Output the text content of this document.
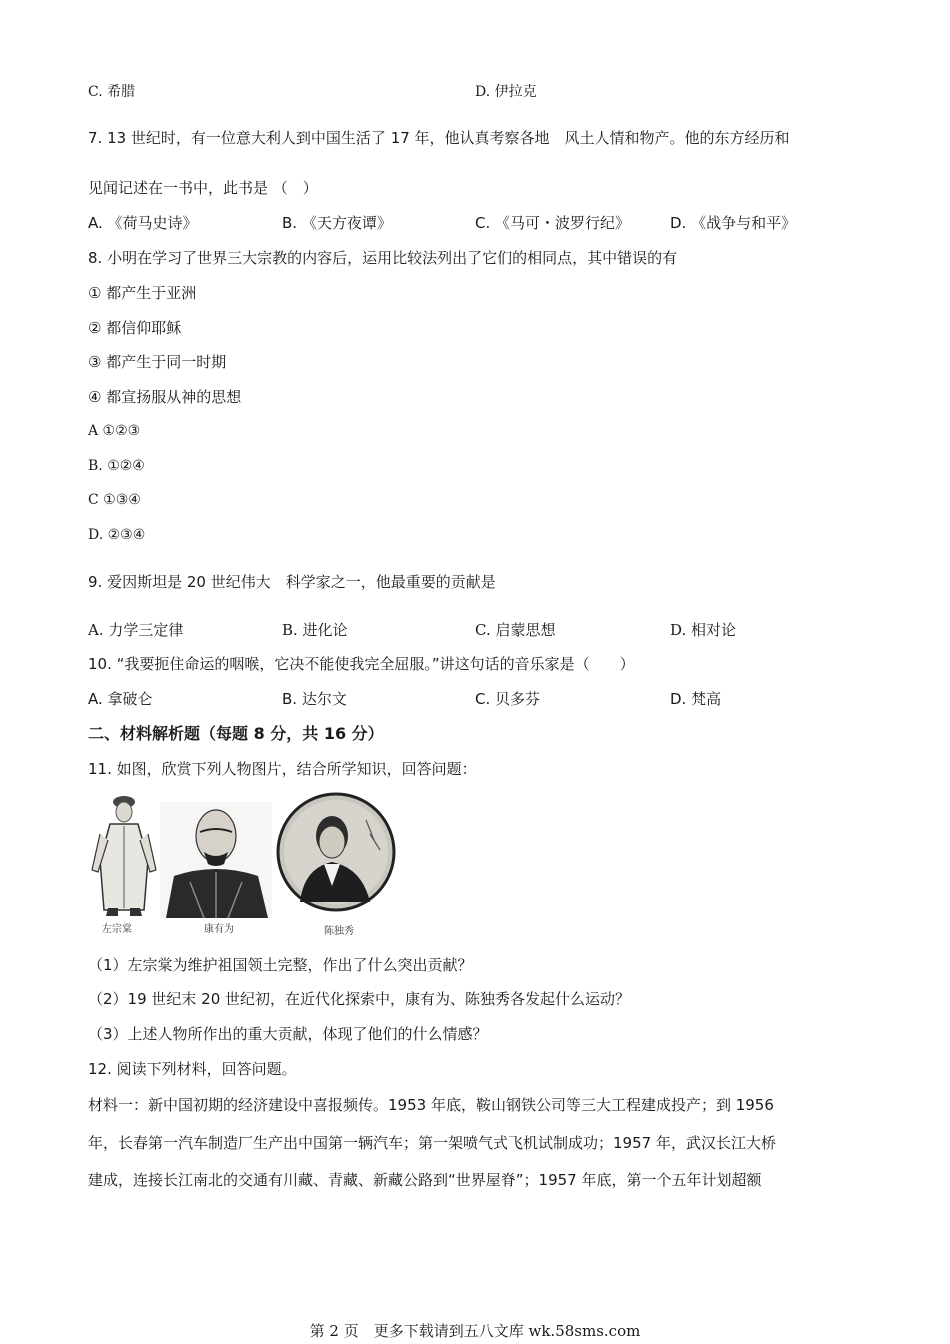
C. 希腊	D. 伊拉克
7. 13 世纪时，有一位意大利人到中国生活了 17 年，他认真考察各地　风土人情和物产。他的东方经历和
见闻记述在一书中，此书是 （　）
A. 《荷马史诗》	B. 《天方夜谭》	C. 《马可・波罗行纪》	D. 《战争与和平》
8. 小明在学习了世界三大宗教的内容后，运用比较法列出了它们的相同点，其中错误的有
① 都产生于亚洲
② 都信仰耶稣
③ 都产生于同一时期
④ 都宣扬服从神的思想
A ①②③
B. ①②④
C ①③④
D. ②③④
9. 爱因斯坦是 20 世纪伟大　科学家之一，他最重要的贡献是
A. 力学三定律	B. 进化论	C. 启蒙思想	D. 相对论
10. “我要扼住命运的咽喉，它决不能使我完全屈服。”讲这句话的音乐家是（　　）
A. 拿破仑	B. 达尔文	C. 贝多芬	D. 梵高
二、材料解析题（每题 8 分，共 16 分）
11. 如图，欣赏下列人物图片，结合所学知识，回答问题：
左宗棠	康有为	陈独秀
（1）左宗棠为维护祖国领土完整，作出了什么突出贡献？
（2）19 世纪末 20 世纪初，在近代化探索中，康有为、陈独秀各发起什么运动？
（3）上述人物所作出的重大贡献，体现了他们的什么情感？
12. 阅读下列材料，回答问题。
材料一：新中国初期的经济建设中喜报频传。1953 年底，鞍山钢铁公司等三大工程建成投产；到 1956
年，长春第一汽车制造厂生产出中国第一辆汽车；第一架喷气式飞机试制成功；1957 年，武汉长江大桥
建成，连接长江南北的交通有川藏、青藏、新藏公路到“世界屋脊”；1957 年底，第一个五年计划超额
第 2 页　更多下载请到五八文库 wk.58sms.com
